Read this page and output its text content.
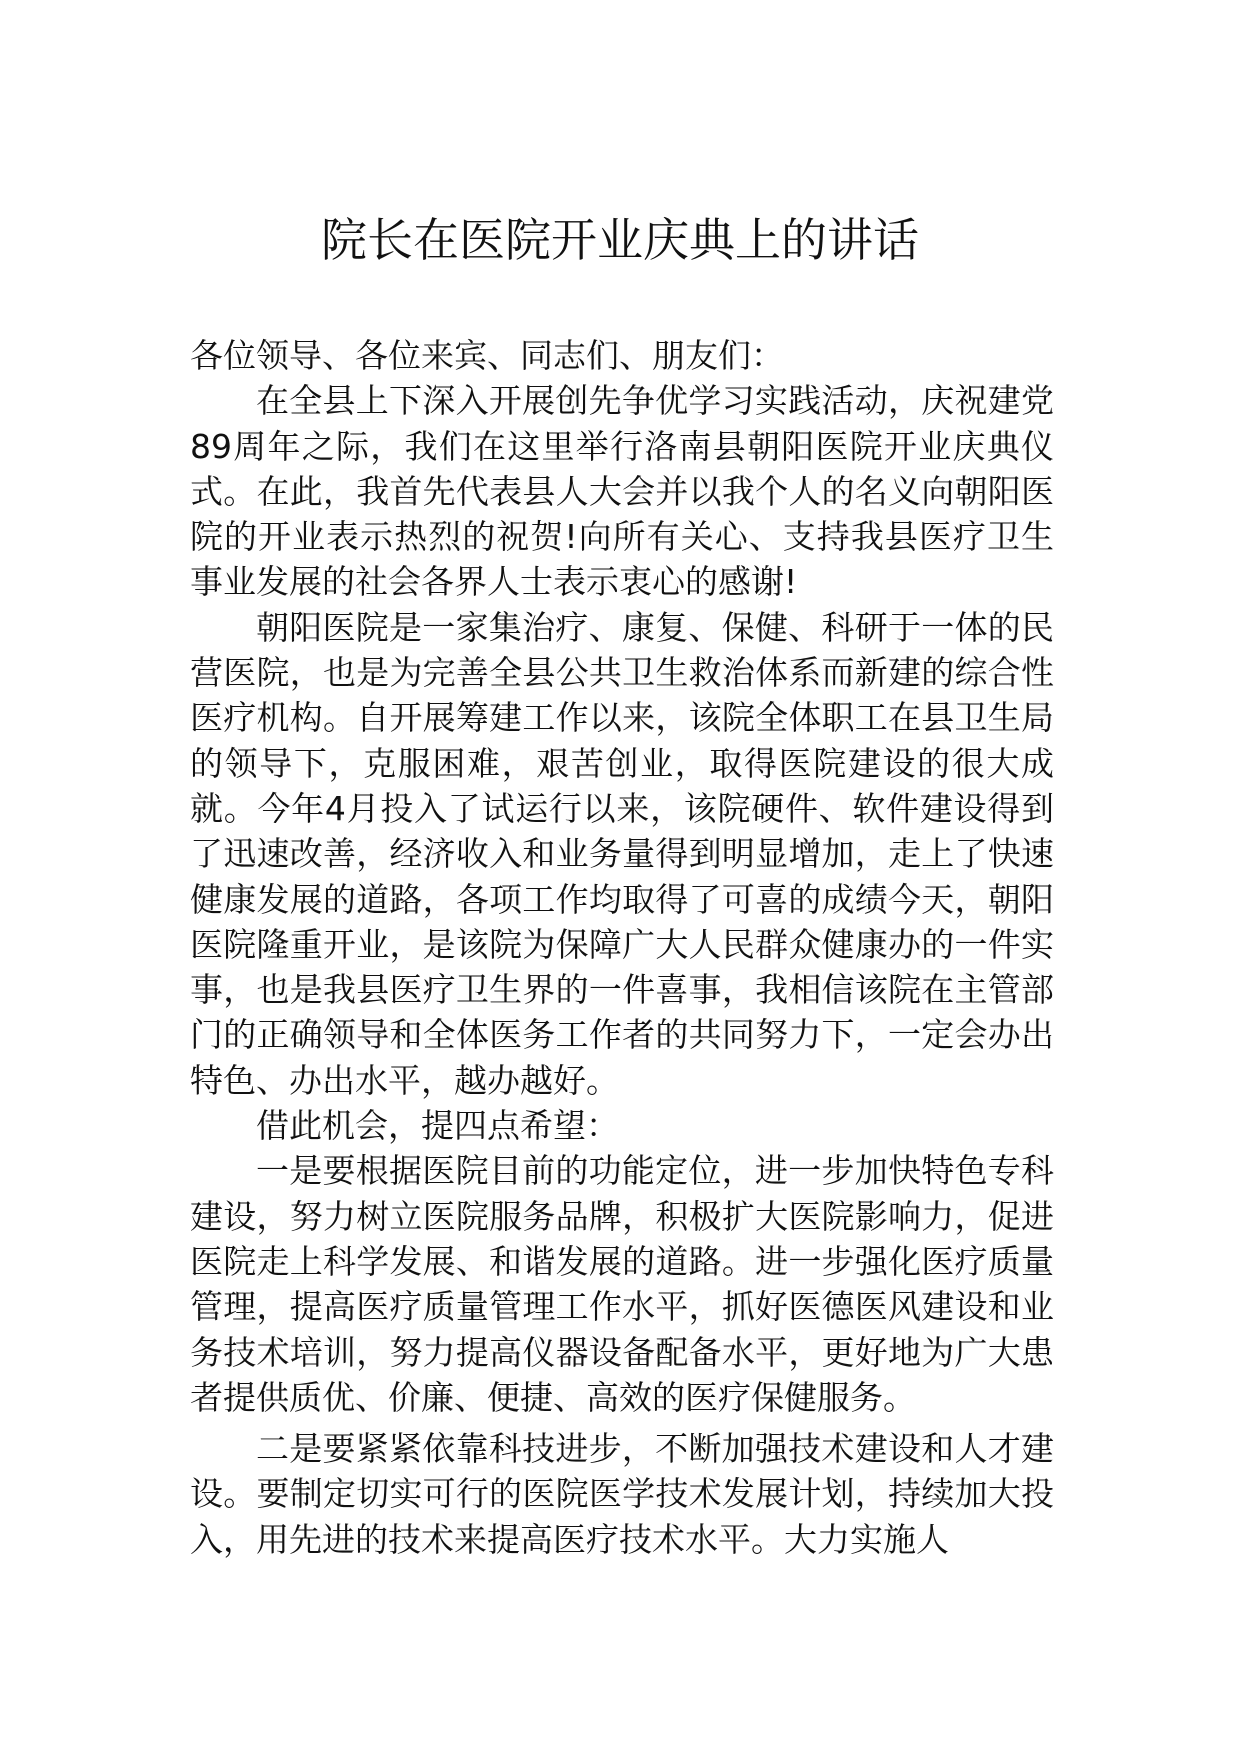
院长在医院开业庆典上的讲话

各位领导、各位来宾、同志们、朋友们：

在全县上下深入开展创先争优学习实践活动，庆祝建党89周年之际，我们在这里举行洛南县朝阳医院开业庆典仪式。在此，我首先代表县人大会并以我个人的名义向朝阳医院的开业表示热烈的祝贺!向所有关心、支持我县医疗卫生事业发展的社会各界人士表示衷心的感谢!

朝阳医院是一家集治疗、康复、保健、科研于一体的民营医院，也是为完善全县公共卫生救治体系而新建的综合性医疗机构。自开展筹建工作以来，该院全体职工在县卫生局的领导下，克服困难，艰苦创业，取得医院建设的很大成就。今年4月投入了试运行以来，该院硬件、软件建设得到了迅速改善，经济收入和业务量得到明显增加，走上了快速健康发展的道路，各项工作均取得了可喜的成绩今天，朝阳医院隆重开业，是该院为保障广大人民群众健康办的一件实事，也是我县医疗卫生界的一件喜事，我相信该院在主管部门的正确领导和全体医务工作者的共同努力下，一定会办出特色、办出水平，越办越好。

借此机会，提四点希望：

一是要根据医院目前的功能定位，进一步加快特色专科建设，努力树立医院服务品牌，积极扩大医院影响力，促进医院走上科学发展、和谐发展的道路。进一步强化医疗质量管理，提高医疗质量管理工作水平，抓好医德医风建设和业务技术培训，努力提高仪器设备配备水平，更好地为广大患者提供质优、价廉、便捷、高效的医疗保健服务。

二是要紧紧依靠科技进步，不断加强技术建设和人才建设。要制定切实可行的医院医学技术发展计划，持续加大投入，用先进的技术来提高医疗技术水平。大力实施人
